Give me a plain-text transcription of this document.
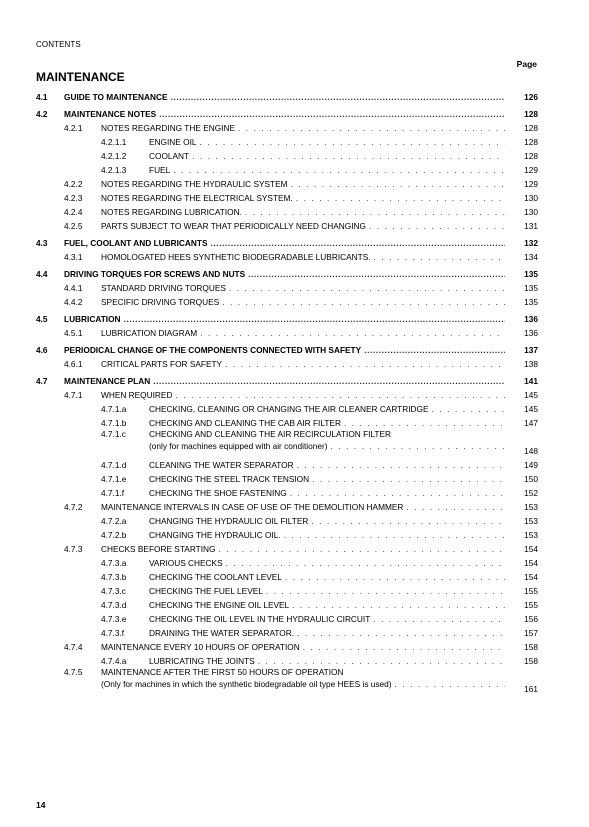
CONTENTS
Page
MAINTENANCE
4.1	GUIDE TO MAINTENANCE .....	126
4.2	MAINTENANCE NOTES .....	128
4.2.1	NOTES REGARDING THE ENGINE . . .	128
4.2.1.1	ENGINE OIL . . .	128
4.2.1.2	COOLANT . . .	128
4.2.1.3	FUEL . . .	129
4.2.2	NOTES REGARDING THE HYDRAULIC SYSTEM . . .	129
4.2.3	NOTES REGARDING THE ELECTRICAL SYSTEM. . . .	130
4.2.4	NOTES REGARDING LUBRICATION. . . .	130
4.2.5	PARTS SUBJECT TO WEAR THAT PERIODICALLY NEED CHANGING . . .	131
4.3	FUEL, COOLANT AND LUBRICANTS .....	132
4.3.1	HOMOLOGATED HEES SYNTHETIC BIODEGRADABLE LUBRICANTS. . . .	134
4.4	DRIVING TORQUES FOR SCREWS AND NUTS .....	135
4.4.1	STANDARD DRIVING TORQUES . . .	135
4.4.2	SPECIFIC DRIVING TORQUES . . .	135
4.5	LUBRICATION .....	136
4.5.1	LUBRICATION DIAGRAM . . .	136
4.6	PERIODICAL CHANGE OF THE COMPONENTS CONNECTED WITH SAFETY .....	137
4.6.1	CRITICAL PARTS FOR SAFETY . . .	138
4.7	MAINTENANCE PLAN .....	141
4.7.1	WHEN REQUIRED . . .	145
4.7.1.a	CHECKING, CLEANING OR CHANGING THE AIR CLEANER CARTRIDGE . . .	145
4.7.1.b	CHECKING AND CLEANING THE CAB AIR FILTER . . .	147
4.7.1.c	CHECKING AND CLEANING THE AIR RECIRCULATION FILTER
(only for machines equipped with air conditioner) . . .	148
4.7.1.d	CLEANING THE WATER SEPARATOR . . .	149
4.7.1.e	CHECKING THE STEEL TRACK TENSION . . .	150
4.7.1.f	CHECKING THE SHOE FASTENING . . .	152
4.7.2	MAINTENANCE INTERVALS IN CASE OF USE OF THE DEMOLITION HAMMER . . .	153
4.7.2.a	CHANGING THE HYDRAULIC OIL FILTER . . .	153
4.7.2.b	CHANGING THE HYDRAULIC OIL. . . .	153
4.7.3	CHECKS BEFORE STARTING . . .	154
4.7.3.a	VARIOUS CHECKS . . .	154
4.7.3.b	CHECKING THE COOLANT LEVEL . . .	154
4.7.3.c	CHECKING THE FUEL LEVEL . . .	155
4.7.3.d	CHECKING THE ENGINE OIL LEVEL . . .	155
4.7.3.e	CHECKING THE OIL LEVEL IN THE HYDRAULIC CIRCUIT . . .	156
4.7.3.f	DRAINING THE WATER SEPARATOR. . . .	157
4.7.4	MAINTENANCE EVERY 10 HOURS OF OPERATION . . .	158
4.7.4.a	LUBRICATING THE JOINTS . . .	158
4.7.5	MAINTENANCE AFTER THE FIRST 50 HOURS OF OPERATION
(Only for machines in which the synthetic biodegradable oil type HEES is used) . . .	161
14
